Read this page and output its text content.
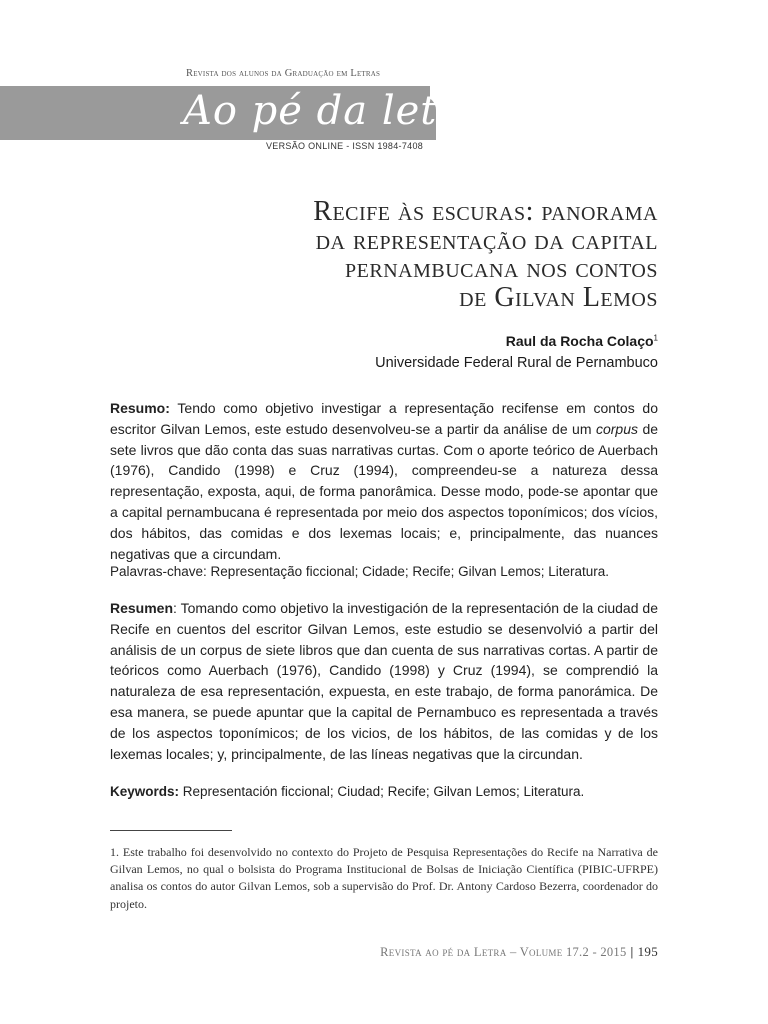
Revista dos alunos da Graduação em Letras
Ao pé da letra
VERSÃO ONLINE - ISSN 1984-7408
Recife às escuras: panorama
da representação da capital
pernambucana nos contos
de Gilvan Lemos
Raul da Rocha Colaço$^1$
Universidade Federal Rural de Pernambuco
Resumo: Tendo como objetivo investigar a representação recifense em contos do escritor Gilvan Lemos, este estudo desenvolveu-se a partir da análise de um corpus de sete livros que dão conta das suas narrativas curtas. Com o aporte teórico de Auerbach (1976), Candido (1998) e Cruz (1994), compreendeu-se a natureza dessa representação, exposta, aqui, de forma panorâmica. Desse modo, pode-se apontar que a capital pernambucana é representada por meio dos aspectos toponímicos; dos vícios, dos hábitos, das comidas e dos lexemas locais; e, principalmente, das nuances negativas que a circundam.
Palavras-chave: Representação ficcional; Cidade; Recife; Gilvan Lemos; Literatura.
Resumen: Tomando como objetivo la investigación de la representación de la ciudad de Recife en cuentos del escritor Gilvan Lemos, este estudio se desenvolvió a partir del análisis de un corpus de siete libros que dan cuenta de sus narrativas cortas. A partir de teóricos como Auerbach (1976), Candido (1998) y Cruz (1994), se comprendió la naturaleza de esa representación, expuesta, en este trabajo, de forma panorámica. De esa manera, se puede apuntar que la capital de Pernambuco es representada a través de los aspectos toponímicos; de los vicios, de los hábitos, de las comidas y de los lexemas locales; y, principalmente, de las líneas negativas que la circundan.
Keywords: Representación ficcional; Ciudad; Recife; Gilvan Lemos; Literatura.
1. Este trabalho foi desenvolvido no contexto do Projeto de Pesquisa Representações do Recife na Narrativa de Gilvan Lemos, no qual o bolsista do Programa Institucional de Bolsas de Iniciação Científica (PIBIC-UFRPE) analisa os contos do autor Gilvan Lemos, sob a supervisão do Prof. Dr. Antony Cardoso Bezerra, coordenador do projeto.
Revista ao pé da Letra – Volume 17.2 - 2015 | 195
